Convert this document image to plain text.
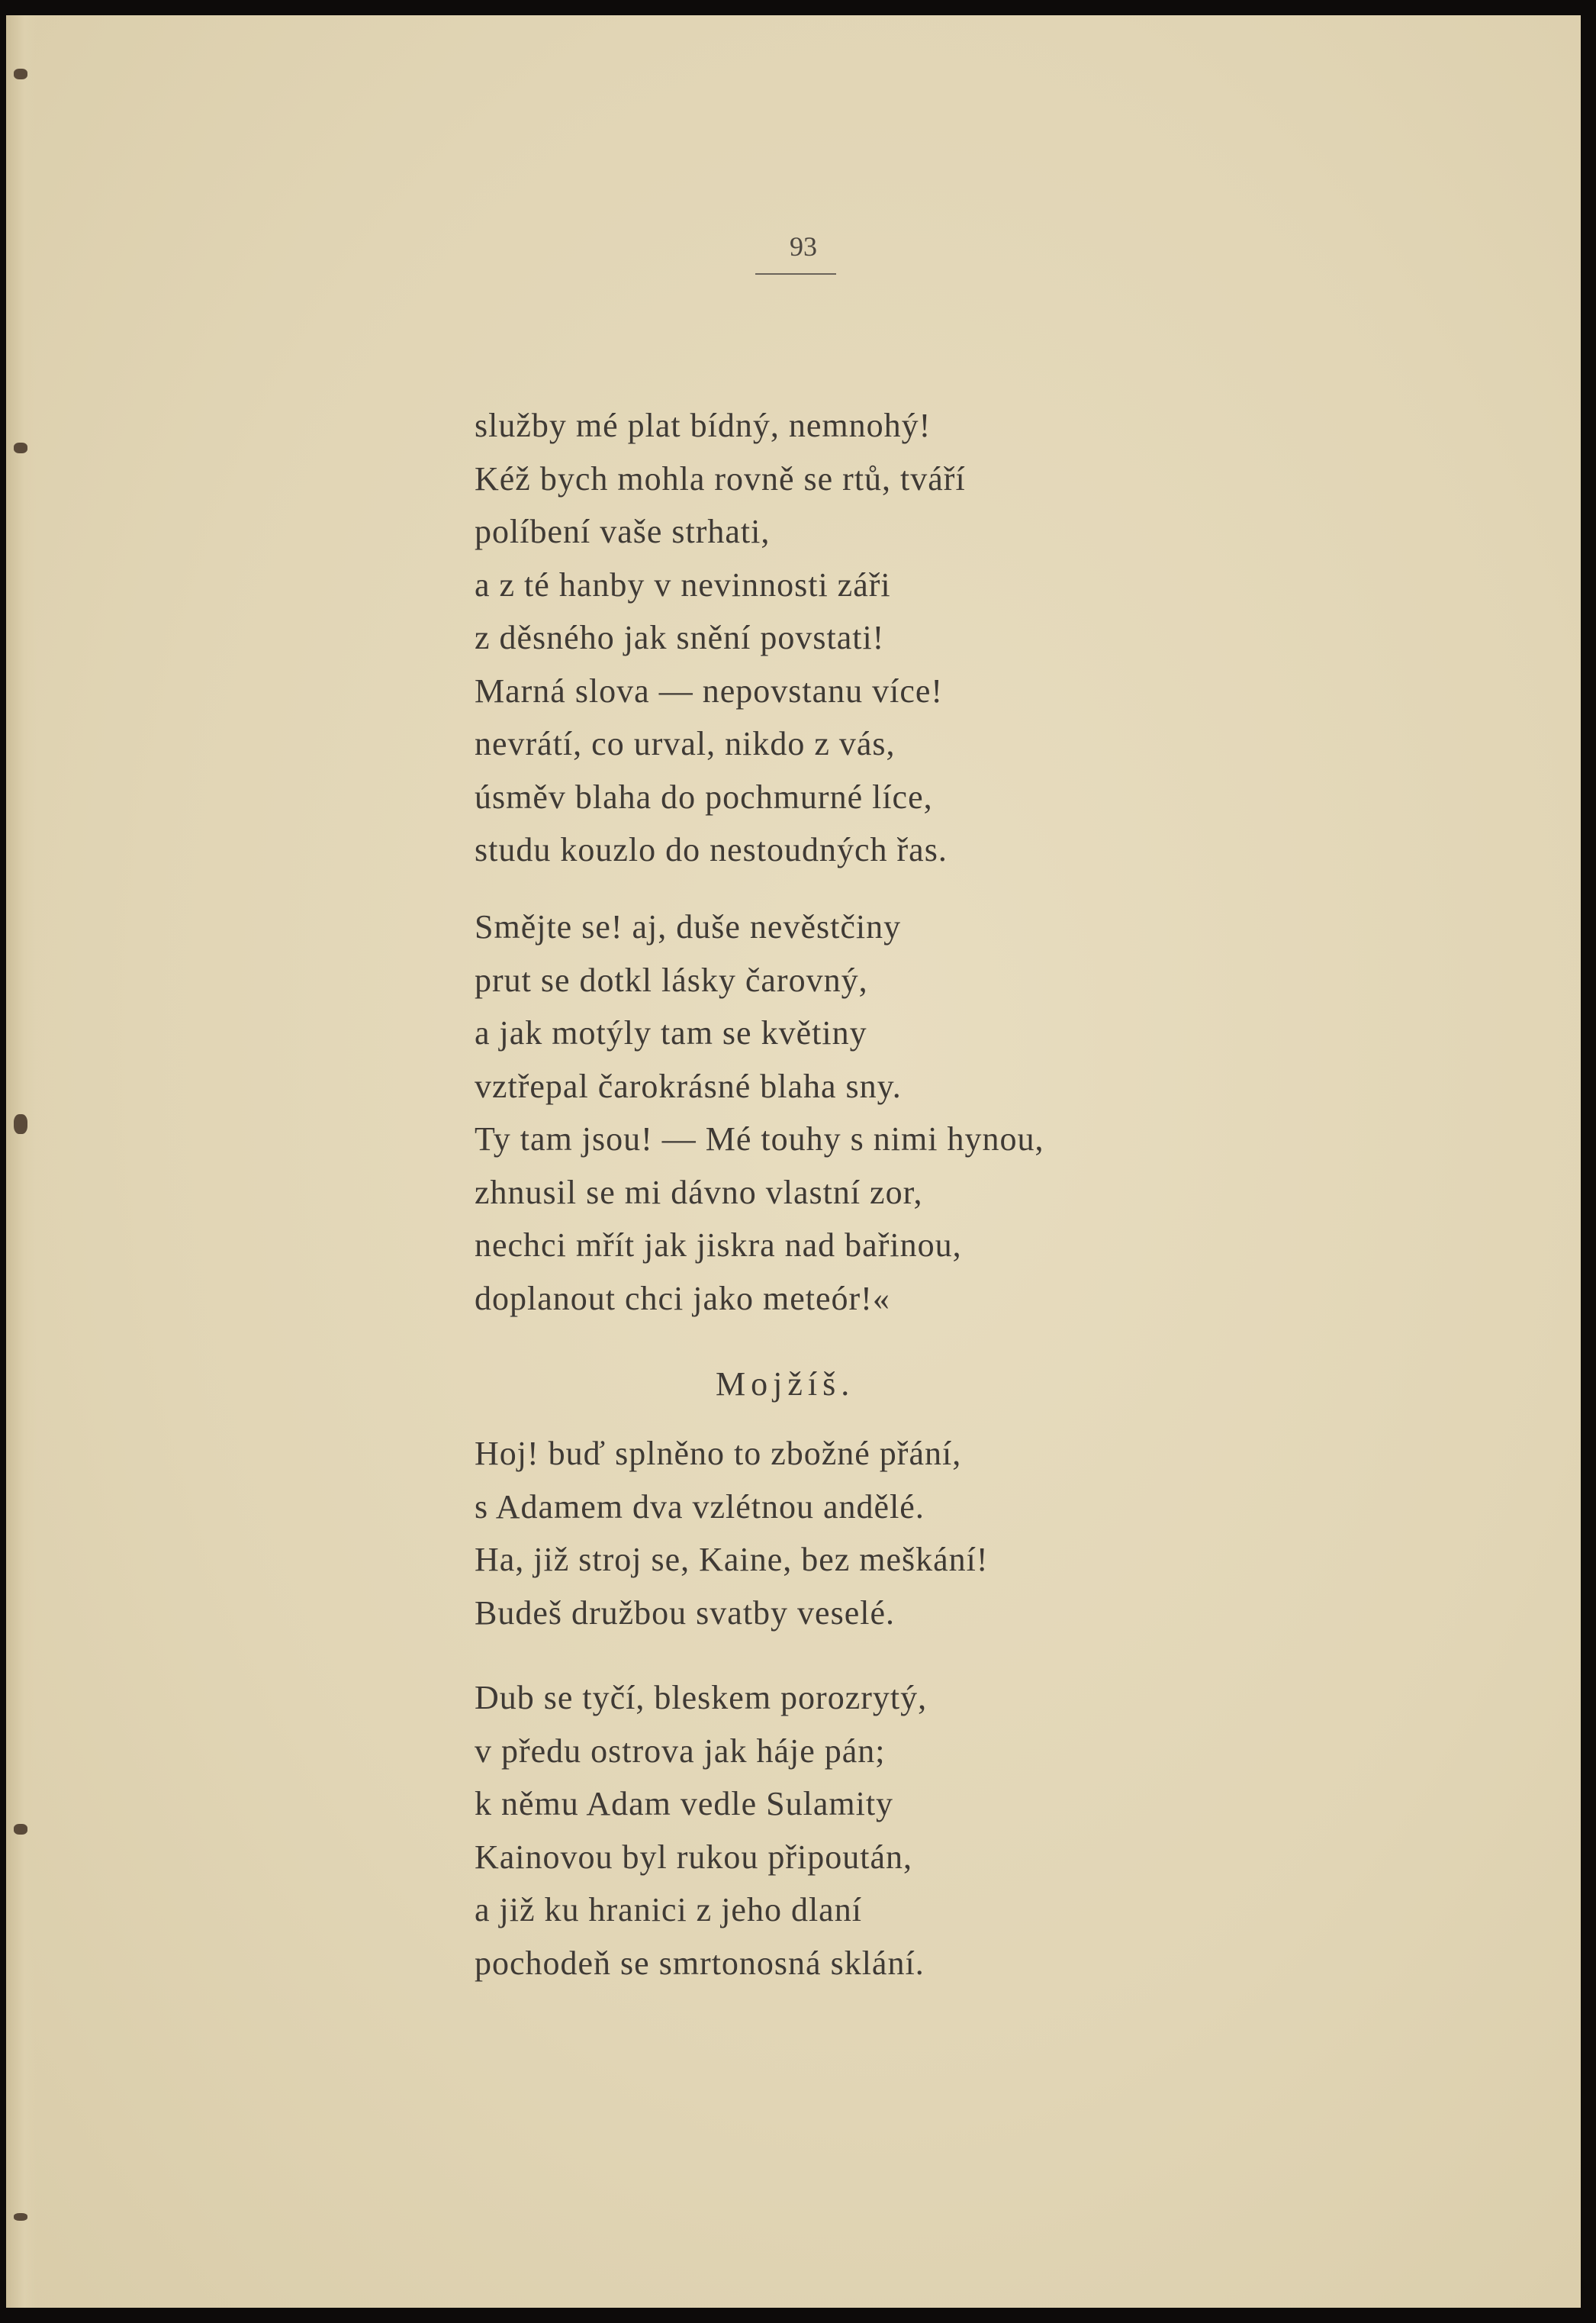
93
služby mé plat bídný, nemnohý!
Kéž bych mohla rovně se rtů, tváří
políbení vaše strhati,
a z té hanby v nevinnosti záři
z děsného jak snění povstati!
Marná slova — nepovstanu více!
nevrátí, co urval, nikdo z vás,
úsměv blaha do pochmurné líce,
studu kouzlo do nestoudných řas.
Smějte se! aj, duše nevěstčiny
prut se dotkl lásky čarovný,
a jak motýly tam se květiny
vztřepal čarokrásné blaha sny.
Ty tam jsou! — Mé touhy s nimi hynou,
zhnusil se mi dávno vlastní zor,
nechci mřít jak jiskra nad bařinou,
doplanout chci jako meteór!«
Mojžíš.
Hoj! buď splněno to zbožné přání,
s Adamem dva vzlétnou andělé.
Ha, již stroj se, Kaine, bez meškání!
Budeš družbou svatby veselé.
Dub se tyčí, bleskem porozrytý,
v předu ostrova jak háje pán;
k němu Adam vedle Sulamity
Kainovou byl rukou připoután,
a již ku hranici z jeho dlaní
pochodeň se smrtonosná sklání.
